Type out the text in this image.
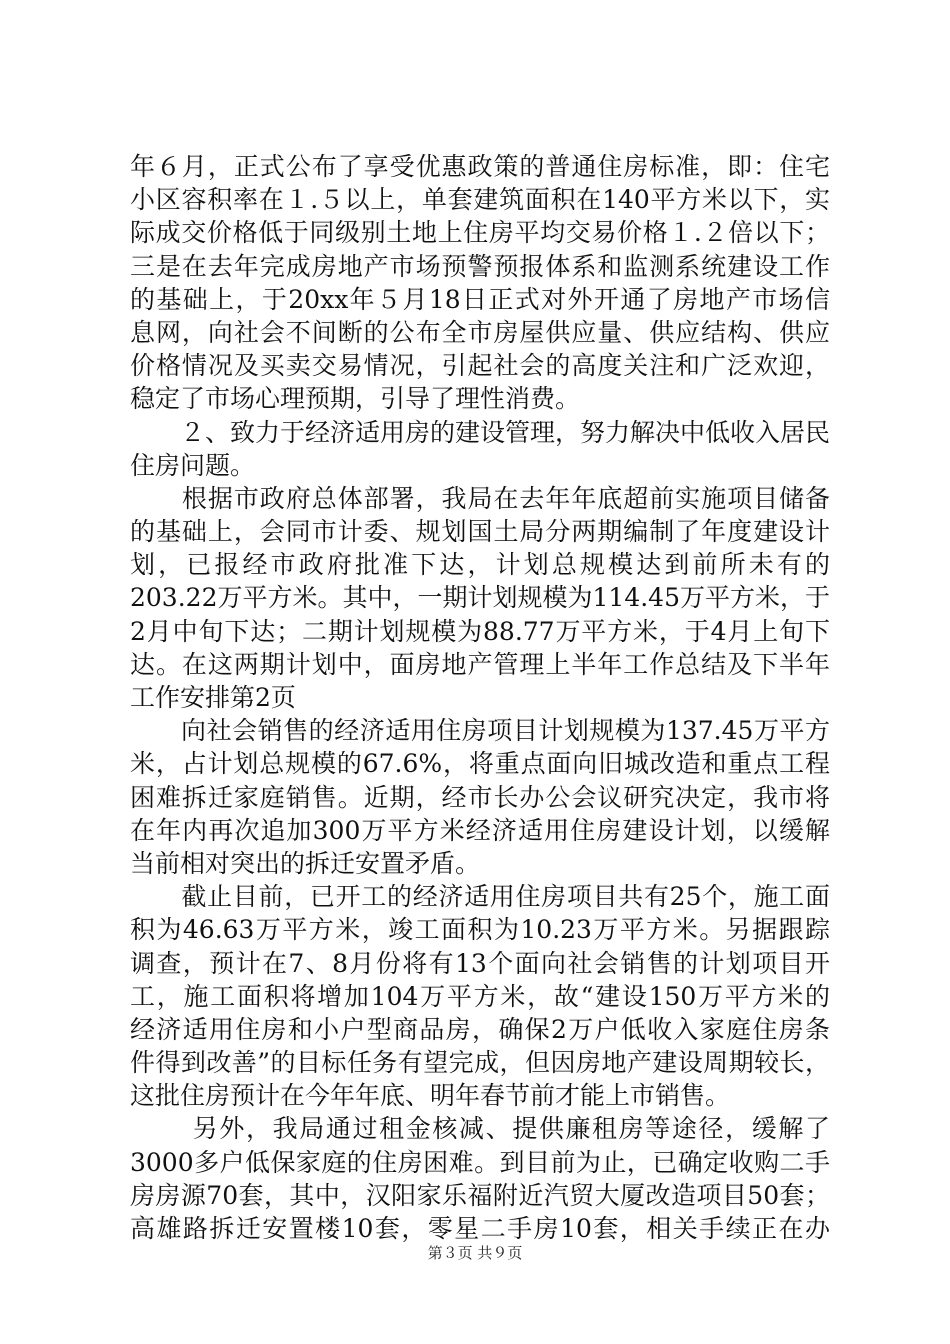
年６月，正式公布了享受优惠政策的普通住房标准，即：住宅
小区容积率在１.５以上，单套建筑面积在140平方米以下，实
际成交价格低于同级别土地上住房平均交易价格１.２倍以下；
三是在去年完成房地产市场预警预报体系和监测系统建设工作
的基础上，于20xx年５月18日正式对外开通了房地产市场信
息网，向社会不间断的公布全市房屋供应量、供应结构、供应
价格情况及买卖交易情况，引起社会的高度关注和广泛欢迎，
稳定了市场心理预期，引导了理性消费。
　　２、致力于经济适用房的建设管理，努力解决中低收入居民
住房问题。
　　根据市政府总体部署，我局在去年年底超前实施项目储备
的基础上，会同市计委、规划国土局分两期编制了年度建设计
划，已报经市政府批准下达，计划总规模达到前所未有的
203.22万平方米。其中，一期计划规模为114.45万平方米，于
2月中旬下达；二期计划规模为88.77万平方米，于4月上旬下
达。在这两期计划中，面房地产管理上半年工作总结及下半年
工作安排第2页
　　向社会销售的经济适用住房项目计划规模为137.45万平方
米，占计划总规模的67.6%，将重点面向旧城改造和重点工程
困难拆迁家庭销售。近期，经市长办公会议研究决定，我市将
在年内再次追加300万平方米经济适用住房建设计划，以缓解
当前相对突出的拆迁安置矛盾。
　　截止目前，已开工的经济适用住房项目共有25个，施工面
积为46.63万平方米，竣工面积为10.23万平方米。另据跟踪
调查，预计在7、8月份将有13个面向社会销售的计划项目开
工，施工面积将增加104万平方米，故“建设150万平方米的
经济适用住房和小户型商品房，确保2万户低收入家庭住房条
件得到改善”的目标任务有望完成，但因房地产建设周期较长，
这批住房预计在今年年底、明年春节前才能上市销售。
　　 另外，我局通过租金核减、提供廉租房等途径，缓解了
3000多户低保家庭的住房困难。到目前为止，已确定收购二手
房房源70套，其中，汉阳家乐福附近汽贸大厦改造项目50套；
高雄路拆迁安置楼10套，零星二手房10套，相关手续正在办
第３页 共９页
